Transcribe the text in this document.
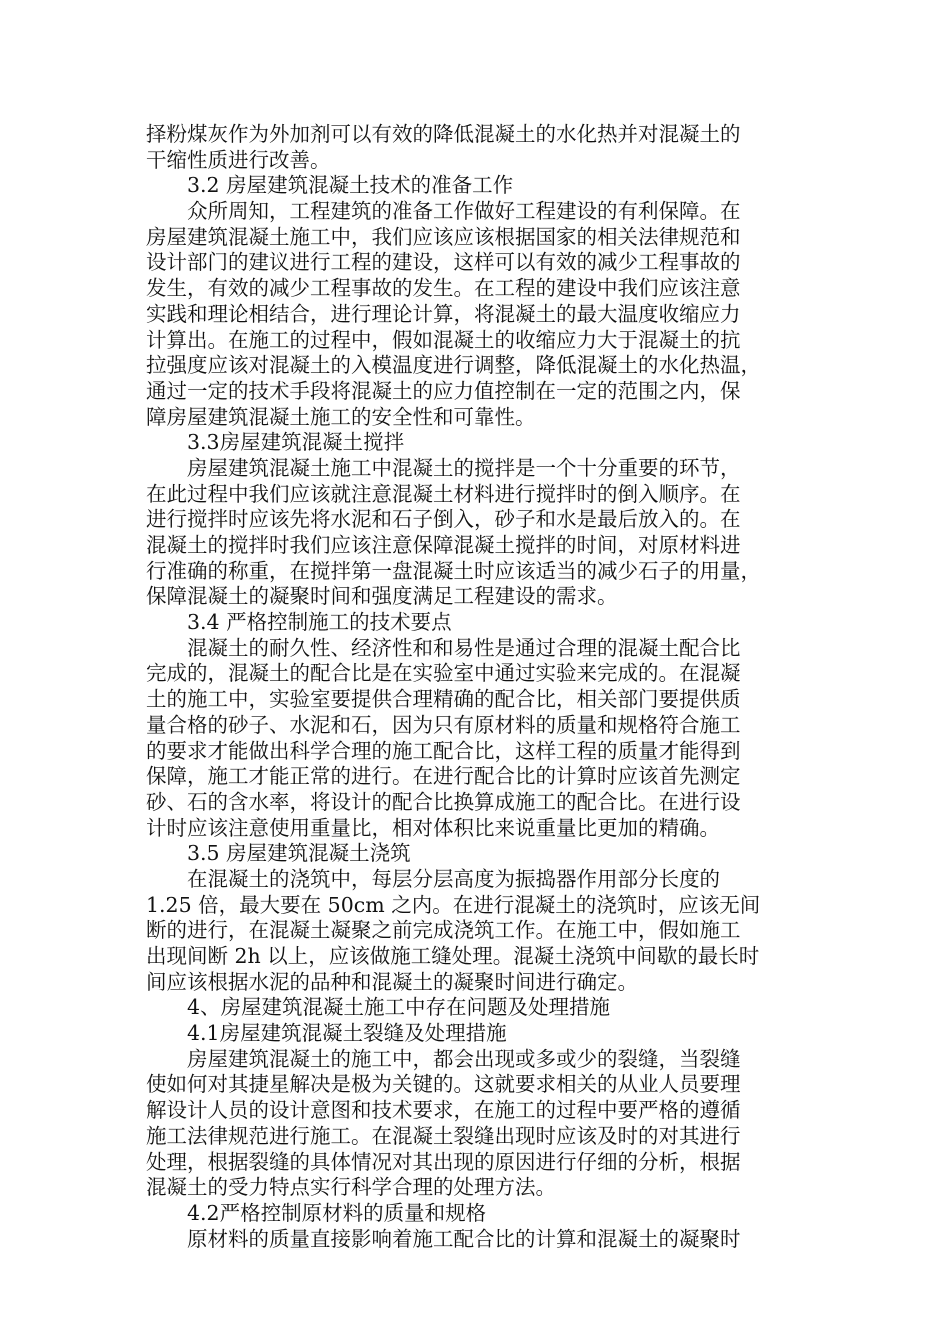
择粉煤灰作为外加剂可以有效的降低混凝土的水化热并对混凝土的
干缩性质进行改善。
3.2 房屋建筑混凝土技术的准备工作
众所周知，工程建筑的准备工作做好工程建设的有利保障。在
房屋建筑混凝土施工中，我们应该应该根据国家的相关法律规范和
设计部门的建议进行工程的建设，这样可以有效的减少工程事故的
发生，有效的减少工程事故的发生。在工程的建设中我们应该注意
实践和理论相结合，进行理论计算，将混凝土的最大温度收缩应力
计算出。在施工的过程中，假如混凝土的收缩应力大于混凝土的抗
拉强度应该对混凝土的入模温度进行调整，降低混凝土的水化热温，
通过一定的技术手段将混凝土的应力值控制在一定的范围之内，保
障房屋建筑混凝土施工的安全性和可靠性。
3.3房屋建筑混凝土搅拌
房屋建筑混凝土施工中混凝土的搅拌是一个十分重要的环节，
在此过程中我们应该就注意混凝土材料进行搅拌时的倒入顺序。在
进行搅拌时应该先将水泥和石子倒入，砂子和水是最后放入的。在
混凝土的搅拌时我们应该注意保障混凝土搅拌的时间，对原材料进
行准确的称重，在搅拌第一盘混凝土时应该适当的减少石子的用量，
保障混凝土的凝聚时间和强度满足工程建设的需求。
3.4 严格控制施工的技术要点
混凝土的耐久性、经济性和和易性是通过合理的混凝土配合比
完成的，混凝土的配合比是在实验室中通过实验来完成的。在混凝
土的施工中，实验室要提供合理精确的配合比，相关部门要提供质
量合格的砂子、水泥和石，因为只有原材料的质量和规格符合施工
的要求才能做出科学合理的施工配合比，这样工程的质量才能得到
保障，施工才能正常的进行。在进行配合比的计算时应该首先测定
砂、石的含水率，将设计的配合比换算成施工的配合比。在进行设
计时应该注意使用重量比，相对体积比来说重量比更加的精确。
3.5 房屋建筑混凝土浇筑
在混凝土的浇筑中，每层分层高度为振捣器作用部分长度的
1.25 倍，最大要在 50cm 之内。在进行混凝土的浇筑时，应该无间
断的进行，在混凝土凝聚之前完成浇筑工作。在施工中，假如施工
出现间断 2h 以上，应该做施工缝处理。混凝土浇筑中间歇的最长时
间应该根据水泥的品种和混凝土的凝聚时间进行确定。
4、房屋建筑混凝土施工中存在问题及处理措施
4.1房屋建筑混凝土裂缝及处理措施
房屋建筑混凝土的施工中，都会出现或多或少的裂缝，当裂缝
使如何对其捷星解决是极为关键的。这就要求相关的从业人员要理
解设计人员的设计意图和技术要求，在施工的过程中要严格的遵循
施工法律规范进行施工。在混凝土裂缝出现时应该及时的对其进行
处理，根据裂缝的具体情况对其出现的原因进行仔细的分析，根据
混凝土的受力特点实行科学合理的处理方法。
4.2严格控制原材料的质量和规格
原材料的质量直接影响着施工配合比的计算和混凝土的凝聚时
